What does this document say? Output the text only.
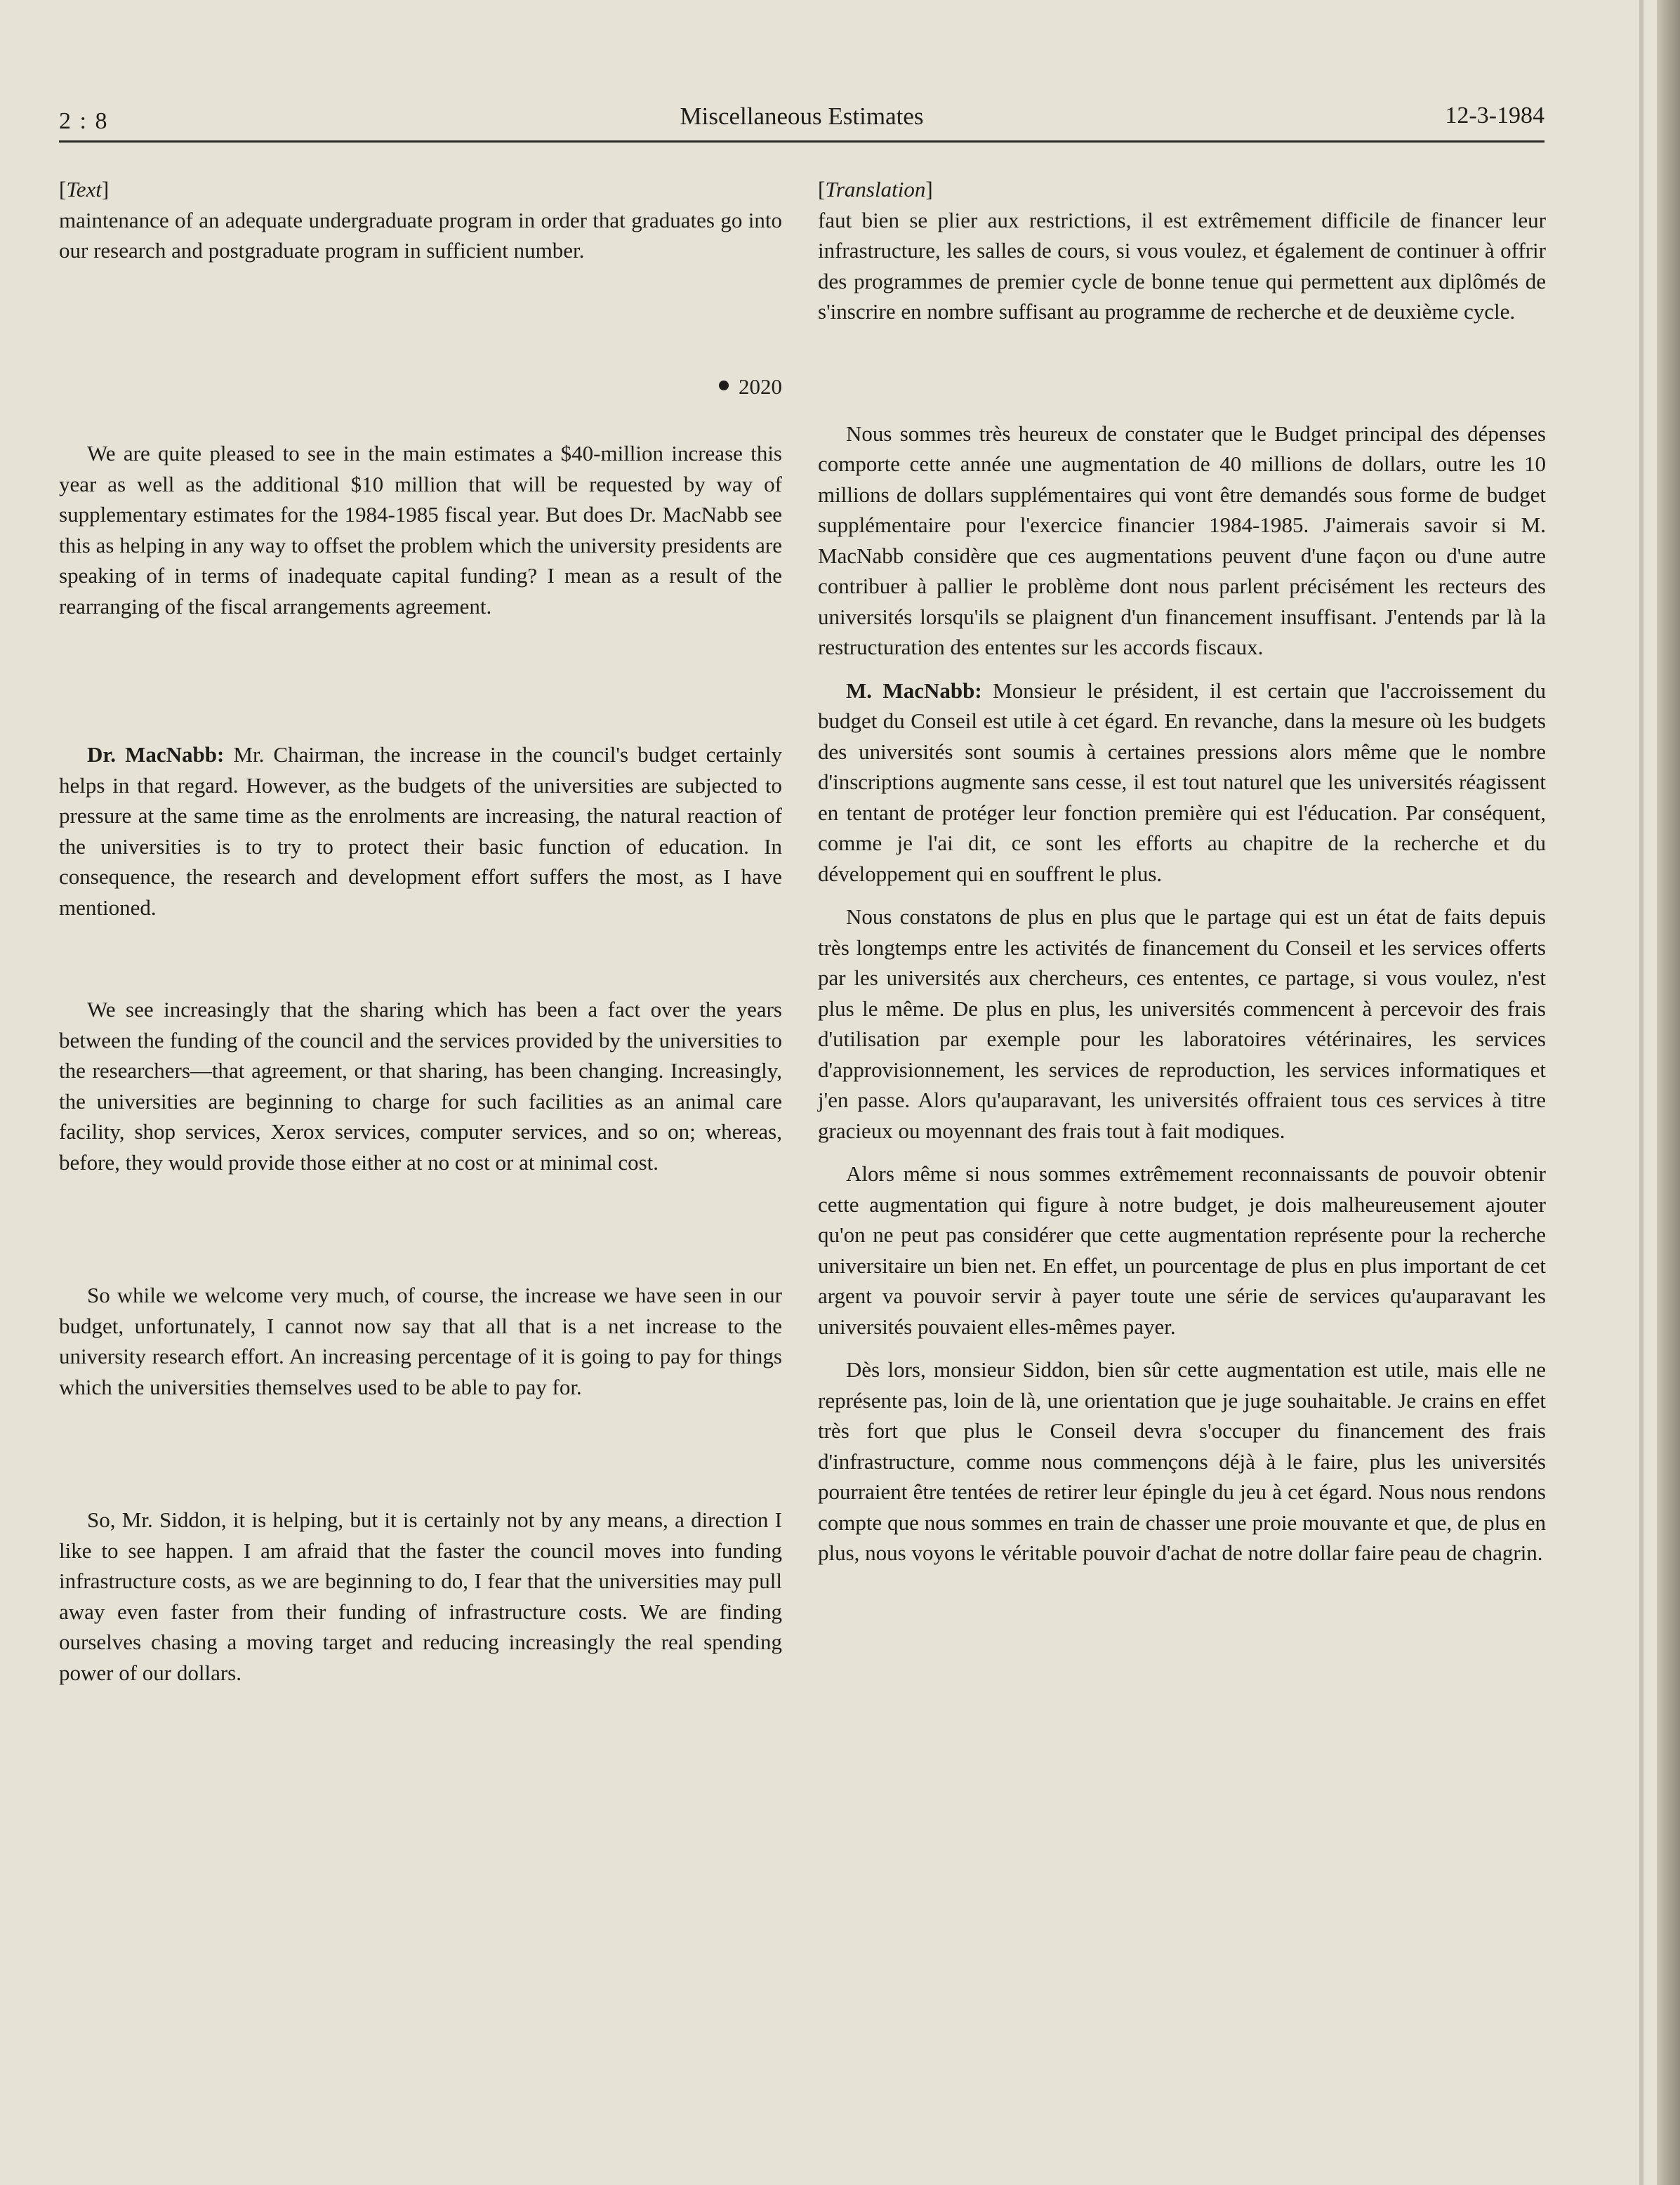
2 : 8	Miscellaneous Estimates	12-3-1984

[Text]

maintenance of an adequate undergraduate program in order that graduates go into our research and postgraduate program in sufficient number.

2020

We are quite pleased to see in the main estimates a $40-million increase this year as well as the additional $10 million that will be requested by way of supplementary estimates for the 1984-1985 fiscal year. But does Dr. MacNabb see this as helping in any way to offset the problem which the university presidents are speaking of in terms of inadequate capital funding? I mean as a result of the rearranging of the fiscal arrangements agreement.

Dr. MacNabb: Mr. Chairman, the increase in the council's budget certainly helps in that regard. However, as the budgets of the universities are subjected to pressure at the same time as the enrolments are increasing, the natural reaction of the universities is to try to protect their basic function of education. In consequence, the research and development effort suffers the most, as I have mentioned.

We see increasingly that the sharing which has been a fact over the years between the funding of the council and the services provided by the universities to the researchers—that agreement, or that sharing, has been changing. Increasingly, the universities are beginning to charge for such facilities as an animal care facility, shop services, Xerox services, computer services, and so on; whereas, before, they would provide those either at no cost or at minimal cost.

So while we welcome very much, of course, the increase we have seen in our budget, unfortunately, I cannot now say that all that is a net increase to the university research effort. An increasing percentage of it is going to pay for things which the universities themselves used to be able to pay for.

So, Mr. Siddon, it is helping, but it is certainly not by any means, a direction I like to see happen. I am afraid that the faster the council moves into funding infrastructure costs, as we are beginning to do, I fear that the universities may pull away even faster from their funding of infrastructure costs. We are finding ourselves chasing a moving target and reducing increasingly the real spending power of our dollars.

[Translation]

faut bien se plier aux restrictions, il est extrêmement difficile de financer leur infrastructure, les salles de cours, si vous voulez, et également de continuer à offrir des programmes de premier cycle de bonne tenue qui permettent aux diplômés de s'inscrire en nombre suffisant au programme de recherche et de deuxième cycle.

Nous sommes très heureux de constater que le Budget principal des dépenses comporte cette année une augmentation de 40 millions de dollars, outre les 10 millions de dollars supplémentaires qui vont être demandés sous forme de budget supplémentaire pour l'exercice financier 1984-1985. J'aimerais savoir si M. MacNabb considère que ces augmentations peuvent d'une façon ou d'une autre contribuer à pallier le problème dont nous parlent précisément les recteurs des universités lorsqu'ils se plaignent d'un financement insuffisant. J'entends par là la restructuration des ententes sur les accords fiscaux.

M. MacNabb: Monsieur le président, il est certain que l'accroissement du budget du Conseil est utile à cet égard. En revanche, dans la mesure où les budgets des universités sont soumis à certaines pressions alors même que le nombre d'inscriptions augmente sans cesse, il est tout naturel que les universités réagissent en tentant de protéger leur fonction première qui est l'éducation. Par conséquent, comme je l'ai dit, ce sont les efforts au chapitre de la recherche et du développement qui en souffrent le plus.

Nous constatons de plus en plus que le partage qui est un état de faits depuis très longtemps entre les activités de financement du Conseil et les services offerts par les universités aux chercheurs, ces ententes, ce partage, si vous voulez, n'est plus le même. De plus en plus, les universités commencent à percevoir des frais d'utilisation par exemple pour les laboratoires vétérinaires, les services d'approvisionnement, les services de reproduction, les services informatiques et j'en passe. Alors qu'auparavant, les universités offraient tous ces services à titre gracieux ou moyennant des frais tout à fait modiques.

Alors même si nous sommes extrêmement reconnaissants de pouvoir obtenir cette augmentation qui figure à notre budget, je dois malheureusement ajouter qu'on ne peut pas considérer que cette augmentation représente pour la recherche universitaire un bien net. En effet, un pourcentage de plus en plus important de cet argent va pouvoir servir à payer toute une série de services qu'auparavant les universités pouvaient elles-mêmes payer.

Dès lors, monsieur Siddon, bien sûr cette augmentation est utile, mais elle ne représente pas, loin de là, une orientation que je juge souhaitable. Je crains en effet très fort que plus le Conseil devra s'occuper du financement des frais d'infrastructure, comme nous commençons déjà à le faire, plus les universités pourraient être tentées de retirer leur épingle du jeu à cet égard. Nous nous rendons compte que nous sommes en train de chasser une proie mouvante et que, de plus en plus, nous voyons le véritable pouvoir d'achat de notre dollar faire peau de chagrin.
